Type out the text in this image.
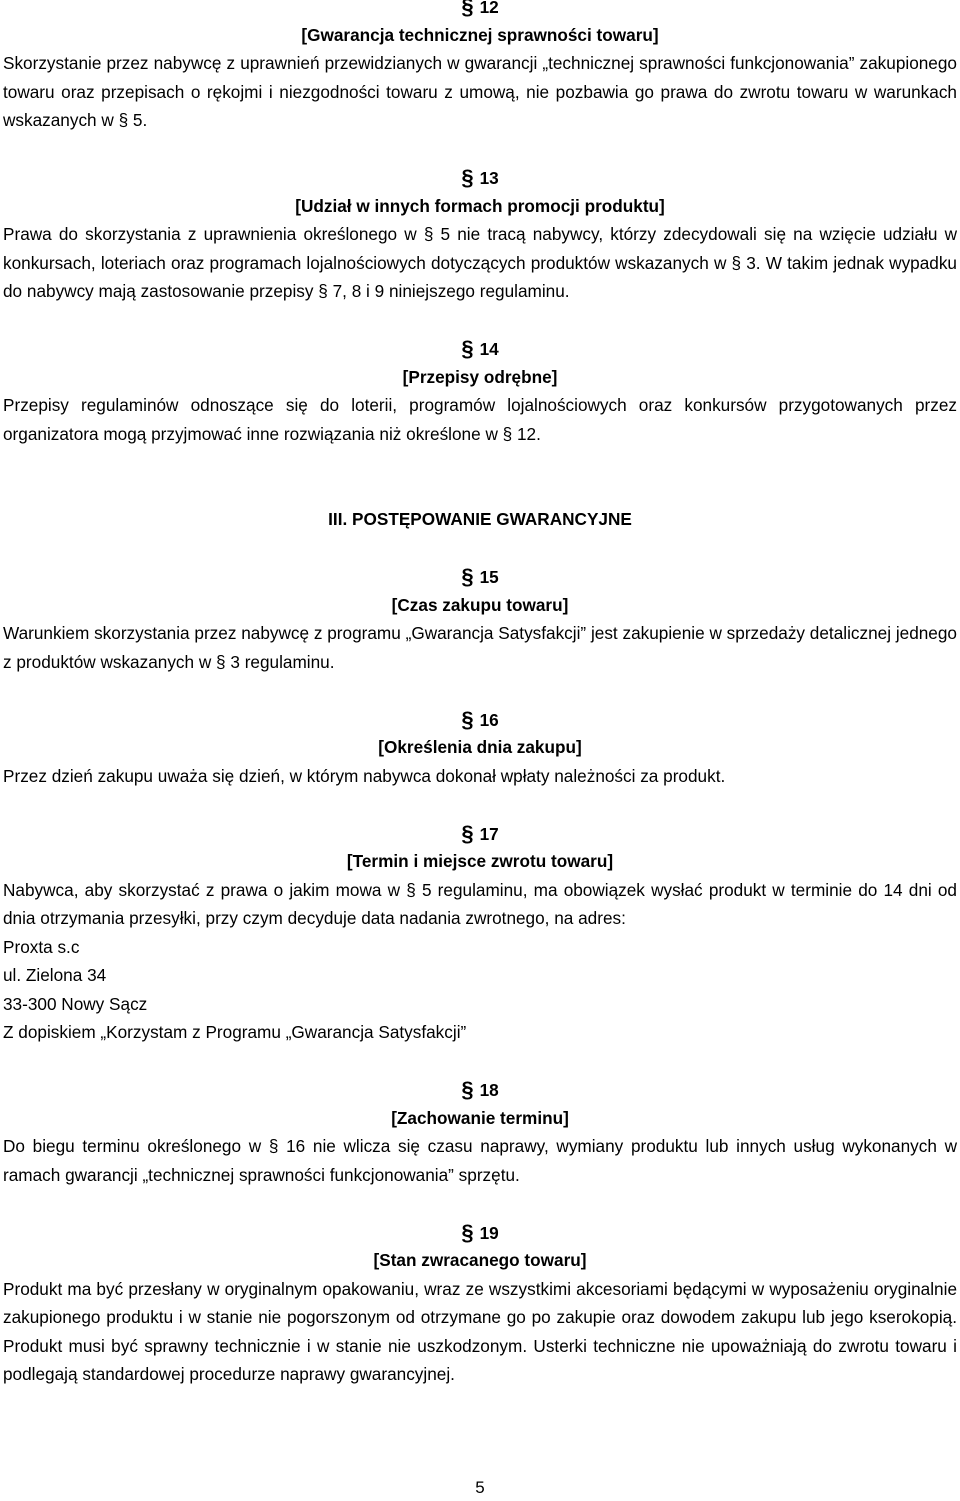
§ 12
[Gwarancja technicznej sprawności towaru]

Skorzystanie przez nabywcę z uprawnień przewidzianych w gwarancji „technicznej sprawności funkcjonowania” zakupionego towaru oraz przepisach o rękojmi i niezgodności towaru z umową, nie pozbawia go prawa do zwrotu towaru w warunkach wskazanych w § 5.

§ 13
[Udział w innych formach promocji produktu]

Prawa do skorzystania z uprawnienia określonego w § 5 nie tracą nabywcy, którzy zdecydowali się na wzięcie udziału w konkursach, loteriach oraz programach lojalnościowych dotyczących produktów wskazanych w § 3. W takim jednak wypadku do nabywcy mają zastosowanie przepisy § 7, 8 i 9 niniejszego regulaminu.

§ 14
[Przepisy odrębne]

Przepisy regulaminów odnoszące się do loterii, programów lojalnościowych oraz konkursów przygotowanych przez organizatora mogą przyjmować inne rozwiązania niż określone w § 12.

III. POSTĘPOWANIE GWARANCYJNE
§ 15
[Czas zakupu towaru]

Warunkiem skorzystania przez nabywcę z programu „Gwarancja Satysfakcji” jest zakupienie w sprzedaży detalicznej jednego z produktów wskazanych w § 3 regulaminu.

§ 16
[Określenia dnia zakupu]

Przez dzień zakupu uważa się dzień, w którym nabywca dokonał wpłaty należności za produkt.

§ 17
[Termin i miejsce zwrotu towaru]

Nabywca, aby skorzystać z prawa o jakim mowa w § 5 regulaminu, ma obowiązek wysłać produkt w terminie do 14 dni od dnia otrzymania przesyłki, przy czym decyduje data nadania zwrotnego, na adres:

Proxta s.c
ul. Zielona 34
33-300 Nowy Sącz
Z dopiskiem „Korzystam z Programu „Gwarancja Satysfakcji”
§ 18
[Zachowanie terminu]

Do biegu terminu określonego w § 16 nie wlicza się czasu naprawy, wymiany produktu lub innych usług wykonanych w ramach gwarancji „technicznej sprawności funkcjonowania” sprzętu.

§ 19
[Stan zwracanego towaru]

Produkt ma być przesłany w oryginalnym opakowaniu, wraz ze wszystkimi akcesoriami będącymi w wyposażeniu oryginalnie zakupionego produktu i w stanie nie pogorszonym od otrzymane go po zakupie oraz dowodem zakupu lub jego kserokopią. Produkt musi być sprawny technicznie i w stanie nie uszkodzonym. Usterki techniczne nie upoważniają do zwrotu towaru i podlegają standardowej procedurze naprawy gwarancyjnej.

5
